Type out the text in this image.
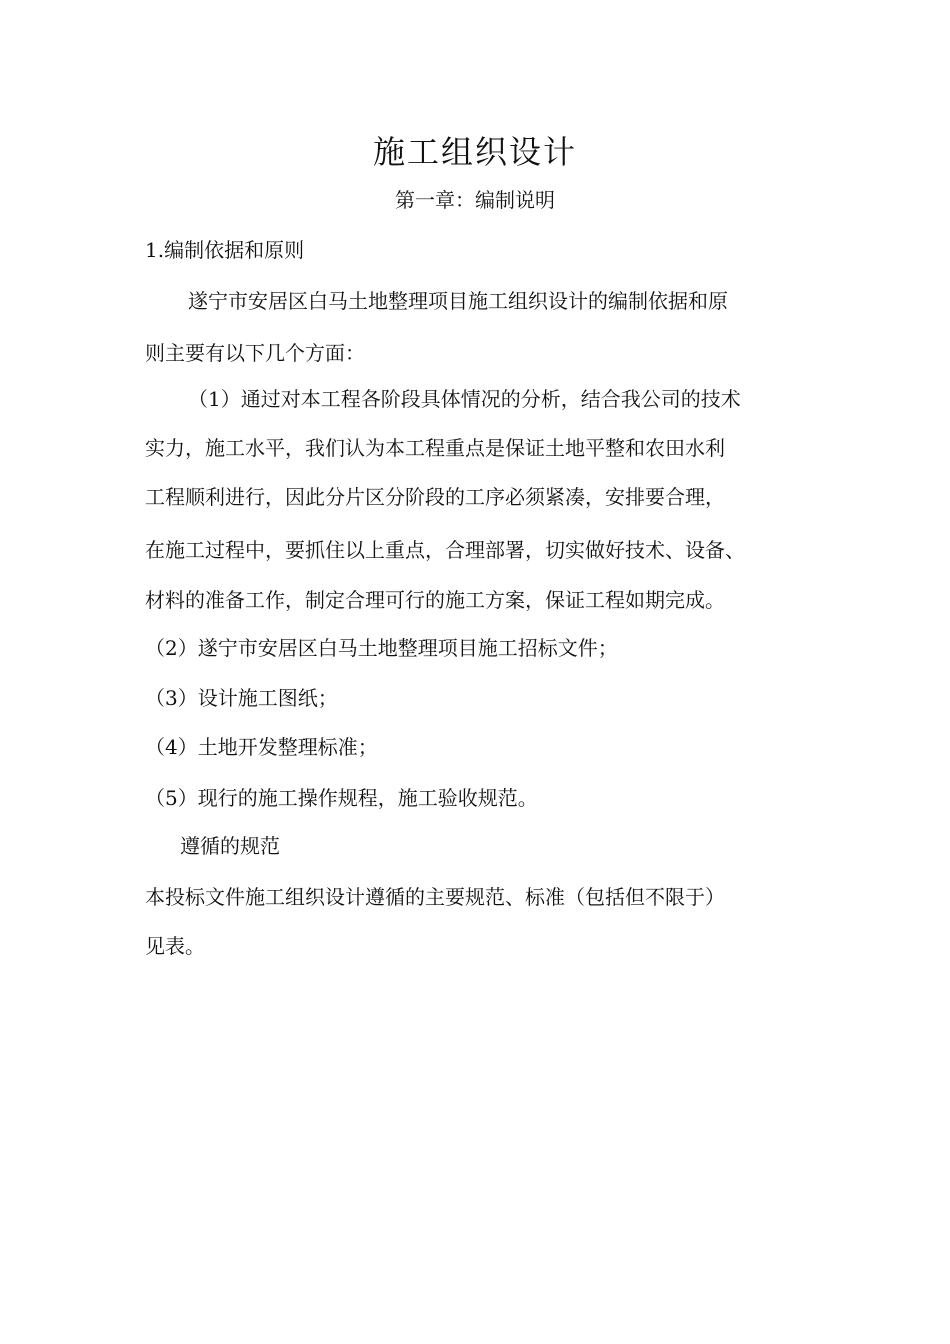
施工组织设计
第一章：编制说明
1.编制依据和原则
遂宁市安居区白马土地整理项目施工组织设计的编制依据和原
则主要有以下几个方面：
（1）通过对本工程各阶段具体情况的分析，结合我公司的技术
实力，施工水平，我们认为本工程重点是保证土地平整和农田水利
工程顺利进行，因此分片区分阶段的工序必须紧凑，安排要合理，
在施工过程中，要抓住以上重点，合理部署，切实做好技术、设备、
材料的准备工作，制定合理可行的施工方案，保证工程如期完成。
（2）遂宁市安居区白马土地整理项目施工招标文件；
（3）设计施工图纸；
（4）土地开发整理标准；
（5）现行的施工操作规程，施工验收规范。
遵循的规范
本投标文件施工组织设计遵循的主要规范、标准（包括但不限于）
见表。
